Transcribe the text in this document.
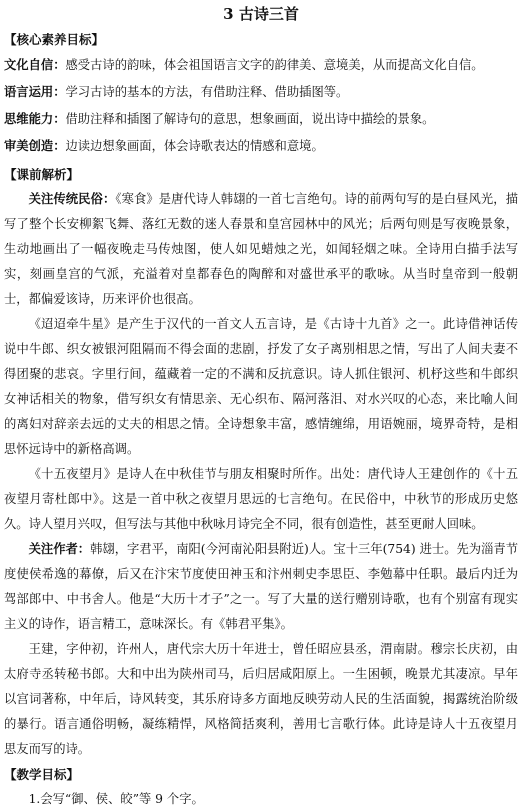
3 古诗三首
【核心素养目标】
文化自信：感受古诗的韵味，体会祖国语言文字的韵律美、意境美，从而提高文化自信。
语言运用：学习古诗的基本的方法，有借助注释、借助插图等。
思维能力：借助注释和插图了解诗句的意思，想象画面，说出诗中描绘的景象。
审美创造：边读边想象画面，体会诗歌表达的情感和意境。
【课前解析】

关注传统民俗：《寒食》是唐代诗人韩翃的一首七言绝句。诗的前两句写的是白昼风光，描写了整个长安柳絮飞舞、落红无数的迷人春景和皇宫园林中的风光；后两句则是写夜晚景象，生动地画出了一幅夜晚走马传烛图，使人如见蜡烛之光，如闻轻烟之味。全诗用白描手法写实，刻画皇宫的气派，充溢着对皇都春色的陶醉和对盛世承平的歌咏。从当时皇帝到一般朝士，都偏爱该诗，历来评价也很高。

《迢迢牵牛星》是产生于汉代的一首文人五言诗，是《古诗十九首》之一。此诗借神话传说中牛郎、织女被银河阻隔而不得会面的悲剧，抒发了女子离别相思之情，写出了人间夫妻不得团聚的悲哀。字里行间，蕴藏着一定的不满和反抗意识。诗人抓住银河、机杼这些和牛郎织女神话相关的物象，借写织女有情思亲、无心织布、隔河落泪、对水兴叹的心态，来比喻人间的离妇对辞亲去远的丈夫的相思之情。全诗想象丰富，感情缠绵，用语婉丽，境界奇特，是相思怀远诗中的新格高调。

《十五夜望月》是诗人在中秋佳节与朋友相聚时所作。出处：唐代诗人王建创作的《十五夜望月寄杜郎中》。这是一首中秋之夜望月思远的七言绝句。在民俗中，中秋节的形成历史悠久。诗人望月兴叹，但写法与其他中秋咏月诗完全不同，很有创造性，甚至更耐人回味。

关注作者：韩翃，字君平，南阳(今河南沁阳县附近)人。宝十三年(754) 进士。先为淄青节度使侯希逸的幕僚，后又在汴宋节度使田神玉和汴州刺史李思臣、李勉幕中任职。最后内迁为驾部郎中、中书舍人。他是“大历十才子”之一。写了大量的送行赠别诗歌，也有个别富有现实主义的诗作，语言精工，意味深长。有《韩君平集》。

王建，字仲初，许州人，唐代宗大历十年进士，曾任昭应县丞，渭南尉。穆宗长庆初，由太府寺丞转秘书郎。大和中出为陕州司马，后归居咸阳原上。一生困顿，晚景尤其凄凉。早年以宫词著称，中年后，诗风转变，其乐府诗多方面地反映劳动人民的生活面貌，揭露统治阶级的暴行。语言通俗明畅，凝练精悍，风格简括爽利，善用七言歌行体。此诗是诗人十五夜望月思友而写的诗。

【教学目标】
1.会写“御、侯、皎”等 9 个字。
